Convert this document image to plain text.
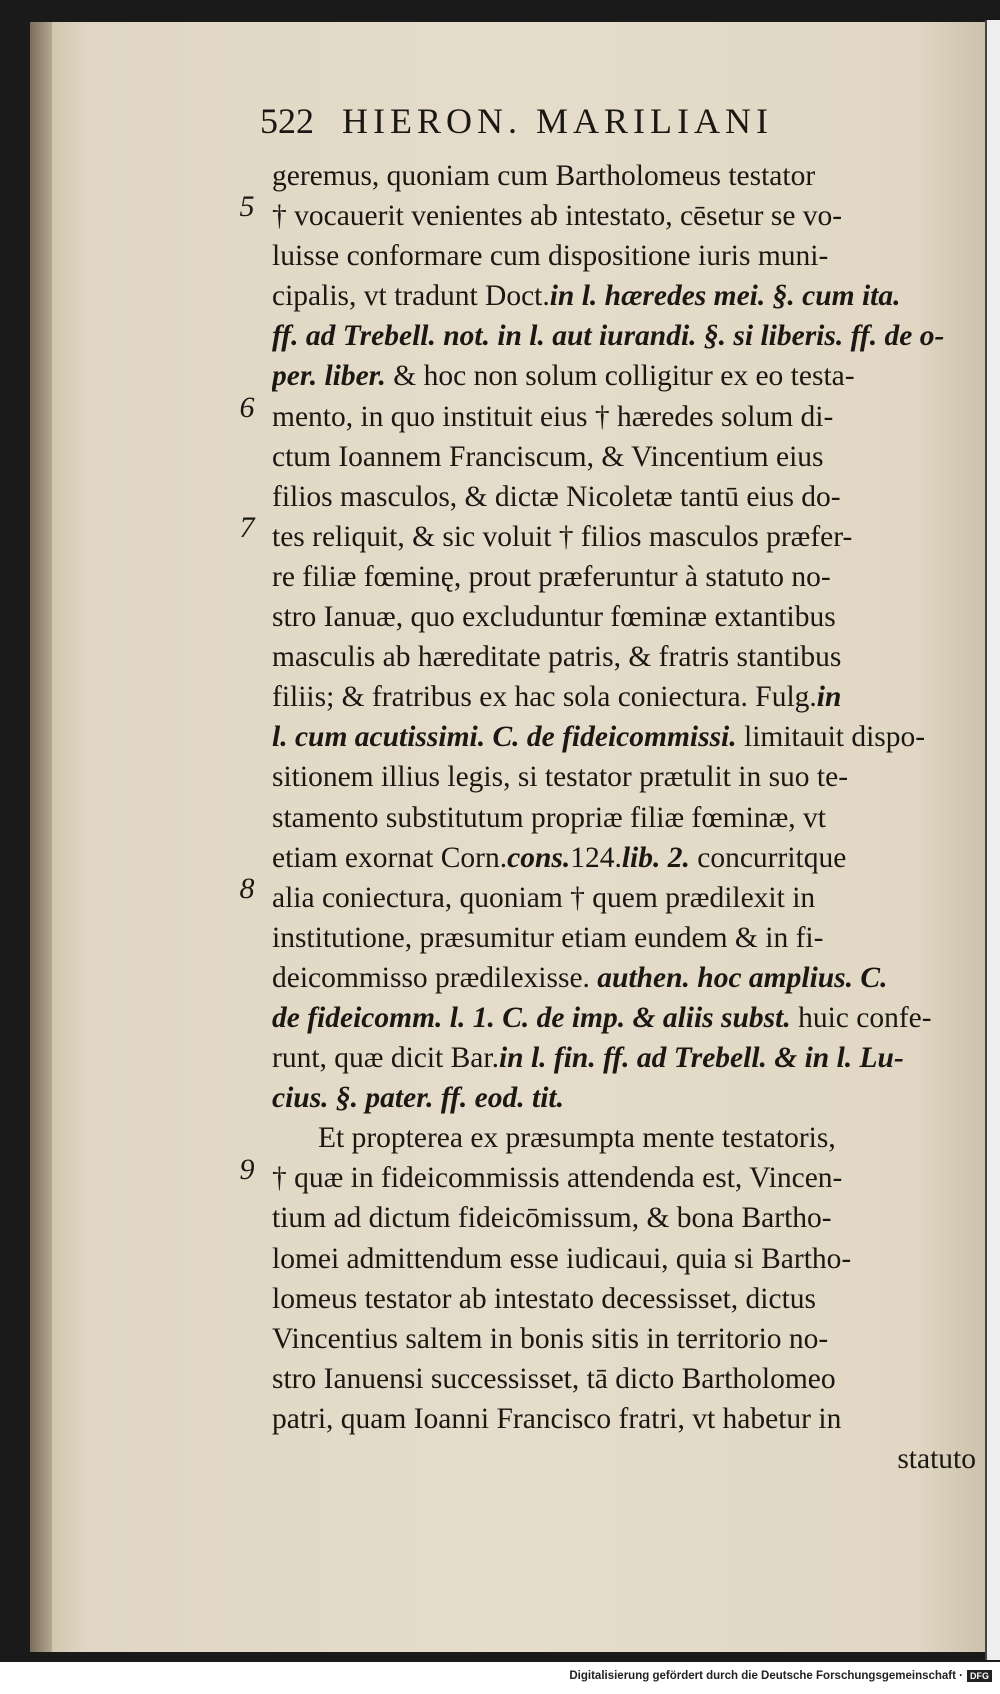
522 HIERON. MARILIANI
geremus, quoniam cum Bartholomeus testator
† vocauerit venientes ab intestato, cēsetur se vo-
luisse conformare cum dispositione iuris muni-
cipalis, vt tradunt Doct.in l. hæredes mei. §. cum ita.
ff. ad Trebell. not. in l. aut iurandi. §. si liberis. ff. de o-
per. liber. & hoc non solum colligitur ex eo testa-
mento, in quo instituit eius † hæredes solum di-
ctum Ioannem Franciscum, & Vincentium eius
filios masculos, & dictæ Nicoletæ tantū eius do-
tes reliquit, & sic voluit † filios masculos præfer-
re filiæ fœminę, prout præferuntur à statuto no-
stro Ianuæ, quo excluduntur fœminæ extantibus
masculis ab hæreditate patris, & fratris stantibus
filiis; & fratribus ex hac sola coniectura. Fulg.in
l. cum acutissimi. C. de fideicommissi. limitauit dispo-
sitionem illius legis, si testator prætulit in suo te-
stamento substitutum propriæ filiæ fœminæ, vt
etiam exornat Corn.cons.124.lib. 2. concurritque
alia coniectura, quoniam † quem prædilexit in
institutione, præsumitur etiam eundem & in fi-
deicommisso prædilexisse. authen. hoc amplius. C.
de fideicomm. l. 1. C. de imp. & aliis subst. huic confe-
runt, quæ dicit Bar.in l. fin. ff. ad Trebell. & in l. Lu-
cius. §. pater. ff. eod. tit.
Et propterea ex præsumpta mente testatoris,
† quæ in fideicommissis attendenda est, Vincen-
tium ad dictum fideicōmissum, & bona Bartho-
lomei admittendum esse iudicaui, quia si Bartho-
lomeus testator ab intestato decessisset, dictus
Vincentius saltem in bonis sitis in territorio no-
stro Ianuensi successisset, tā dicto Bartholomeo
patri, quam Ioanni Francisco fratri, vt habetur in
statuto
5
6
7
8
9
Digitalisierung gefördert durch die Deutsche Forschungsgemeinschaft · DFG
